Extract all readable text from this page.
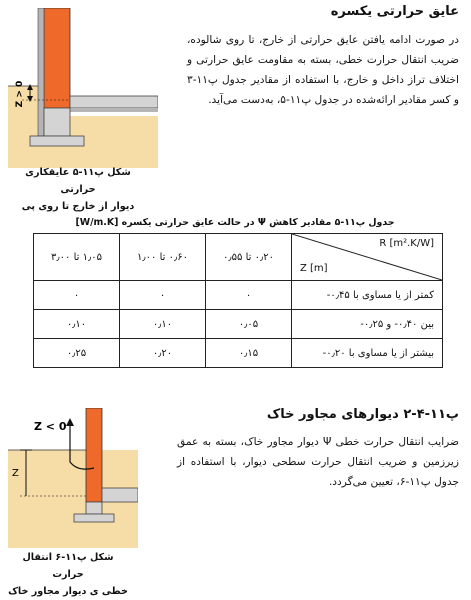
عایق حرارتی یکسره
Z > 0
در صورت ادامه یافتن عایق حرارتی از خارج، تا روی شالوده، ضریب انتقال حرارت خطی، بسته به مقاومت عایق حرارتی و اختلاف تراز داخل و خارج، با استفاده از مقادیر جدول پ۱۱-۳ و کسر مقادیر ارائه‌شده در جدول پ۱۱-۵، به‌دست می‌آید.
شکل پ۱۱-۵ عایقکاری حرارتی
دیوار از خارج تا روی پی
جدول پ۱۱-۵ مقادیر کاهش Ψ در حالت عایق حرارتی یکسره [W/m.K]
R [m².K/W]
Z [m]	۰٫۲۰ تا ۰٫۵۵	۰٫۶۰ تا ۱٫۰۰	۱٫۰۵ تا ۳٫۰۰
کمتر از یا مساوی با ۰٫۴۵-	۰	۰	۰
بین ۰٫۴۰- و ۰٫۲۵-	۰٫۰۵	۰٫۱۰	۰٫۱۰
بیشتر از یا مساوی با ۰٫۲۰-	۰٫۱۵	۰٫۲۰	۰٫۲۵
پ۱۱-۴-۲ دیوارهای مجاور خاک
Z < 0
Z
ضرایب انتقال حرارت خطی Ψ دیوار مجاور خاک، بسته به عمق زیرزمین و ضریب انتقال حرارت سطحی دیوار، با استفاده از جدول پ۱۱-۶، تعیین می‌گردد.
شکل پ۱۱-۶ انتقال حرارت
خطی ی دیوار مجاور خاک
